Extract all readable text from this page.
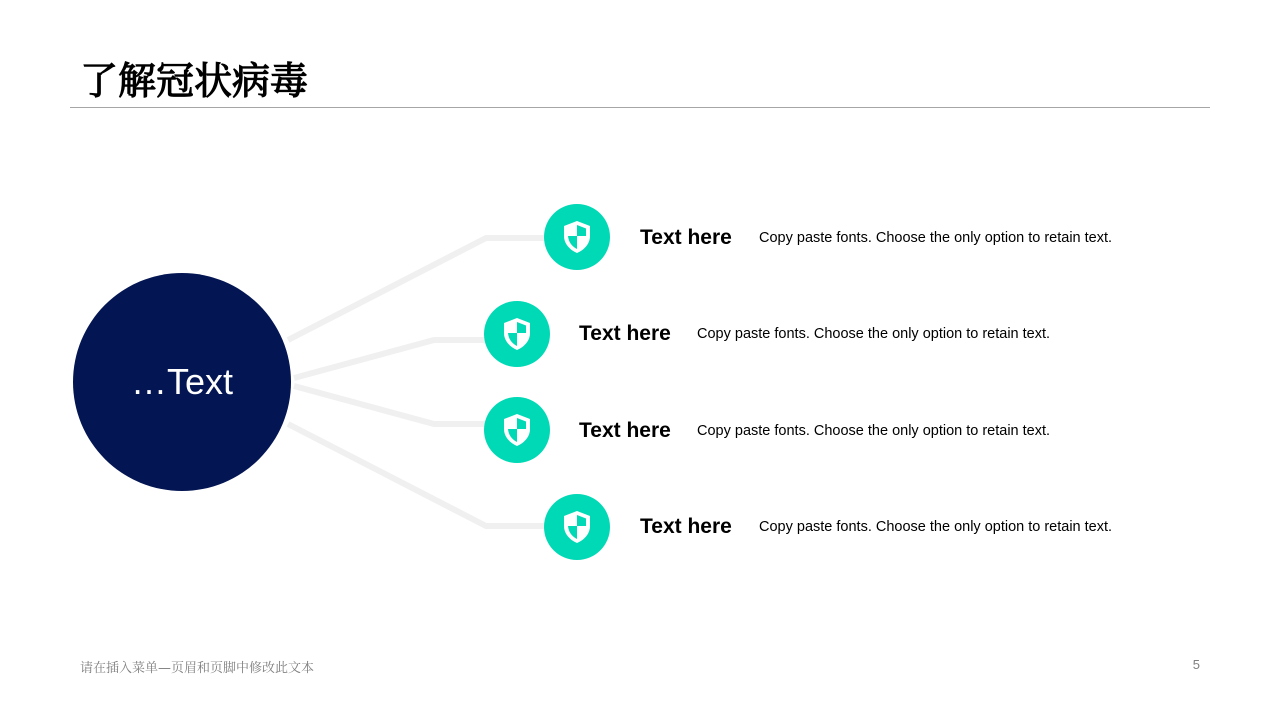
了解冠状病毒
…Text
Text here Copy paste fonts. Choose the only option to retain text.
Text here Copy paste fonts. Choose the only option to retain text.
Text here Copy paste fonts. Choose the only option to retain text.
Text here Copy paste fonts. Choose the only option to retain text.
请在插入菜单—页眉和页脚中修改此文本	5
